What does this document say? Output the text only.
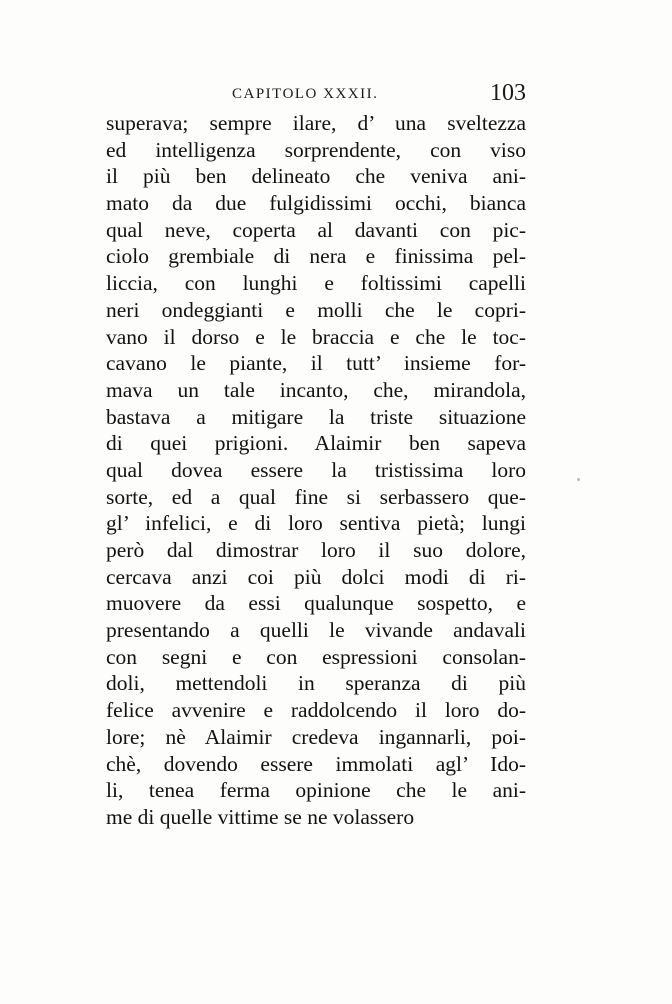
CAPITOLO XXXII.	103
superava; sempre ilare, d’ una sveltezza
ed intelligenza sorprendente, con viso
il più ben delineato che veniva ani-
mato da due fulgidissimi occhi, bianca
qual neve, coperta al davanti con pic-
ciolo grembiale di nera e finissima pel-
liccia, con lunghi e foltissimi capelli
neri ondeggianti e molli che le copri-
vano il dorso e le braccia e che le toc-
cavano le piante, il tutt’ insieme for-
mava un tale incanto, che, mirandola,
bastava a mitigare la triste situazione
di quei prigioni. Alaimir ben sapeva
qual dovea essere la tristissima loro
sorte, ed a qual fine si serbassero que-
gl’ infelici, e di loro sentiva pietà; lungi
però dal dimostrar loro il suo dolore,
cercava anzi coi più dolci modi di ri-
muovere da essi qualunque sospetto, e
presentando a quelli le vivande andavali
con segni e con espressioni consolan-
doli, mettendoli in speranza di più
felice avvenire e raddolcendo il loro do-
lore; nè Alaimir credeva ingannarli, poi-
chè, dovendo essere immolati agl’ Ido-
li, tenea ferma opinione che le ani-
me di quelle vittime se ne volassero
